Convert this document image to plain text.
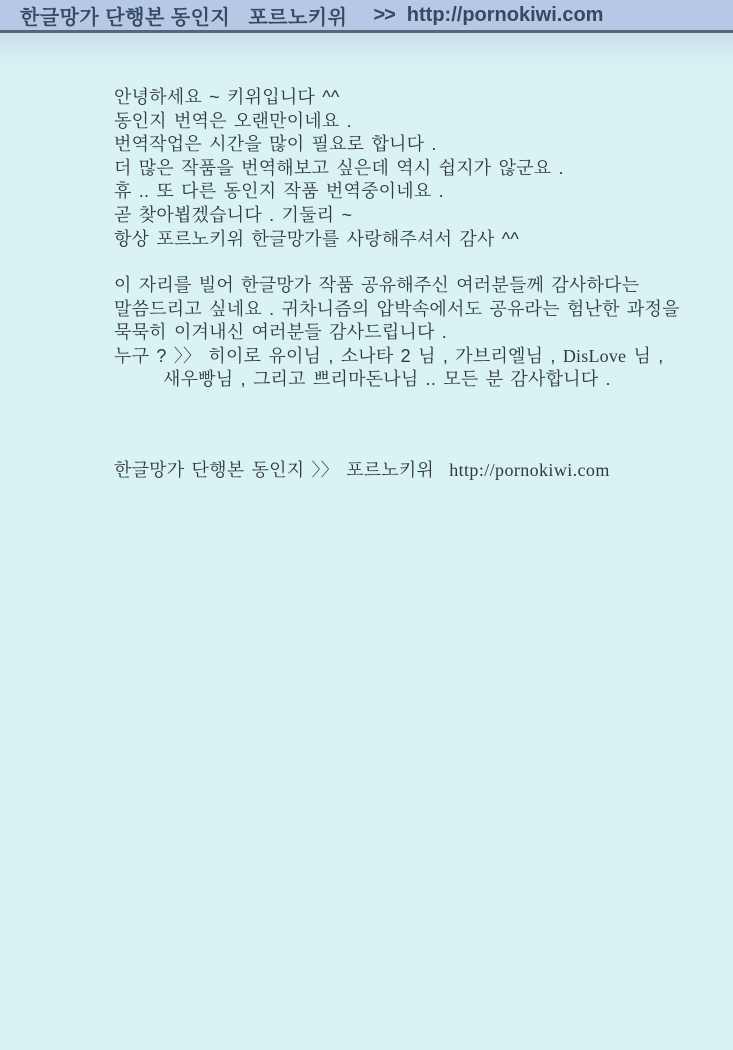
한글망가 단행본 동인지 포르노키위 >> http://pornokiwi.com
안녕하세요 ~ 키위입니다 ^^
동인지 번역은 오랜만이네요 .
번역작업은 시간을 많이 필요로 합니다 .
더 많은 작품을 번역해보고 싶은데 역시 쉽지가 않군요 .
휴 .. 또 다른 동인지 작품 번역중이네요 .
곧 찾아뵙겠습니다 . 기둘리 ~
항상 포르노키위 한글망가를 사랑해주셔서 감사 ^^
이 자리를 빌어 한글망가 작품 공유해주신 여러분들께 감사하다는
말씀드리고 싶네요 . 귀차니즘의 압박속에서도 공유라는 험난한 과정을
묵묵히 이겨내신 여러분들 감사드립니다 .
누구 ? 〉〉 히이로 유이님 , 소나타 2 님 , 가브리엘님 , DisLove 님 ,
새우빵님 , 그리고 쁘리마돈나님 .. 모든 분 감사합니다 .
한글망가 단행본 동인지 〉〉 포르노키위 http://pornokiwi.com
